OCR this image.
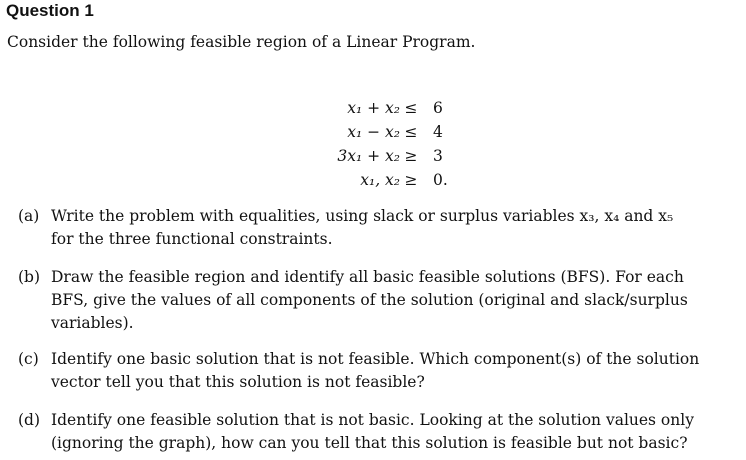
Question 1
Consider the following feasible region of a Linear Program.
x₁ + x₂ ≤ 6
x₁ − x₂ ≤ 4
3x₁ + x₂ ≥ 3
x₁, x₂ ≥ 0.
(a) Write the problem with equalities, using slack or surplus variables x₃, x₄ and x₅
for the three functional constraints.
(b) Draw the feasible region and identify all basic feasible solutions (BFS). For each
BFS, give the values of all components of the solution (original and slack/surplus
variables).
(c) Identify one basic solution that is not feasible. Which component(s) of the solution
vector tell you that this solution is not feasible?
(d) Identify one feasible solution that is not basic. Looking at the solution values only
(ignoring the graph), how can you tell that this solution is feasible but not basic?
